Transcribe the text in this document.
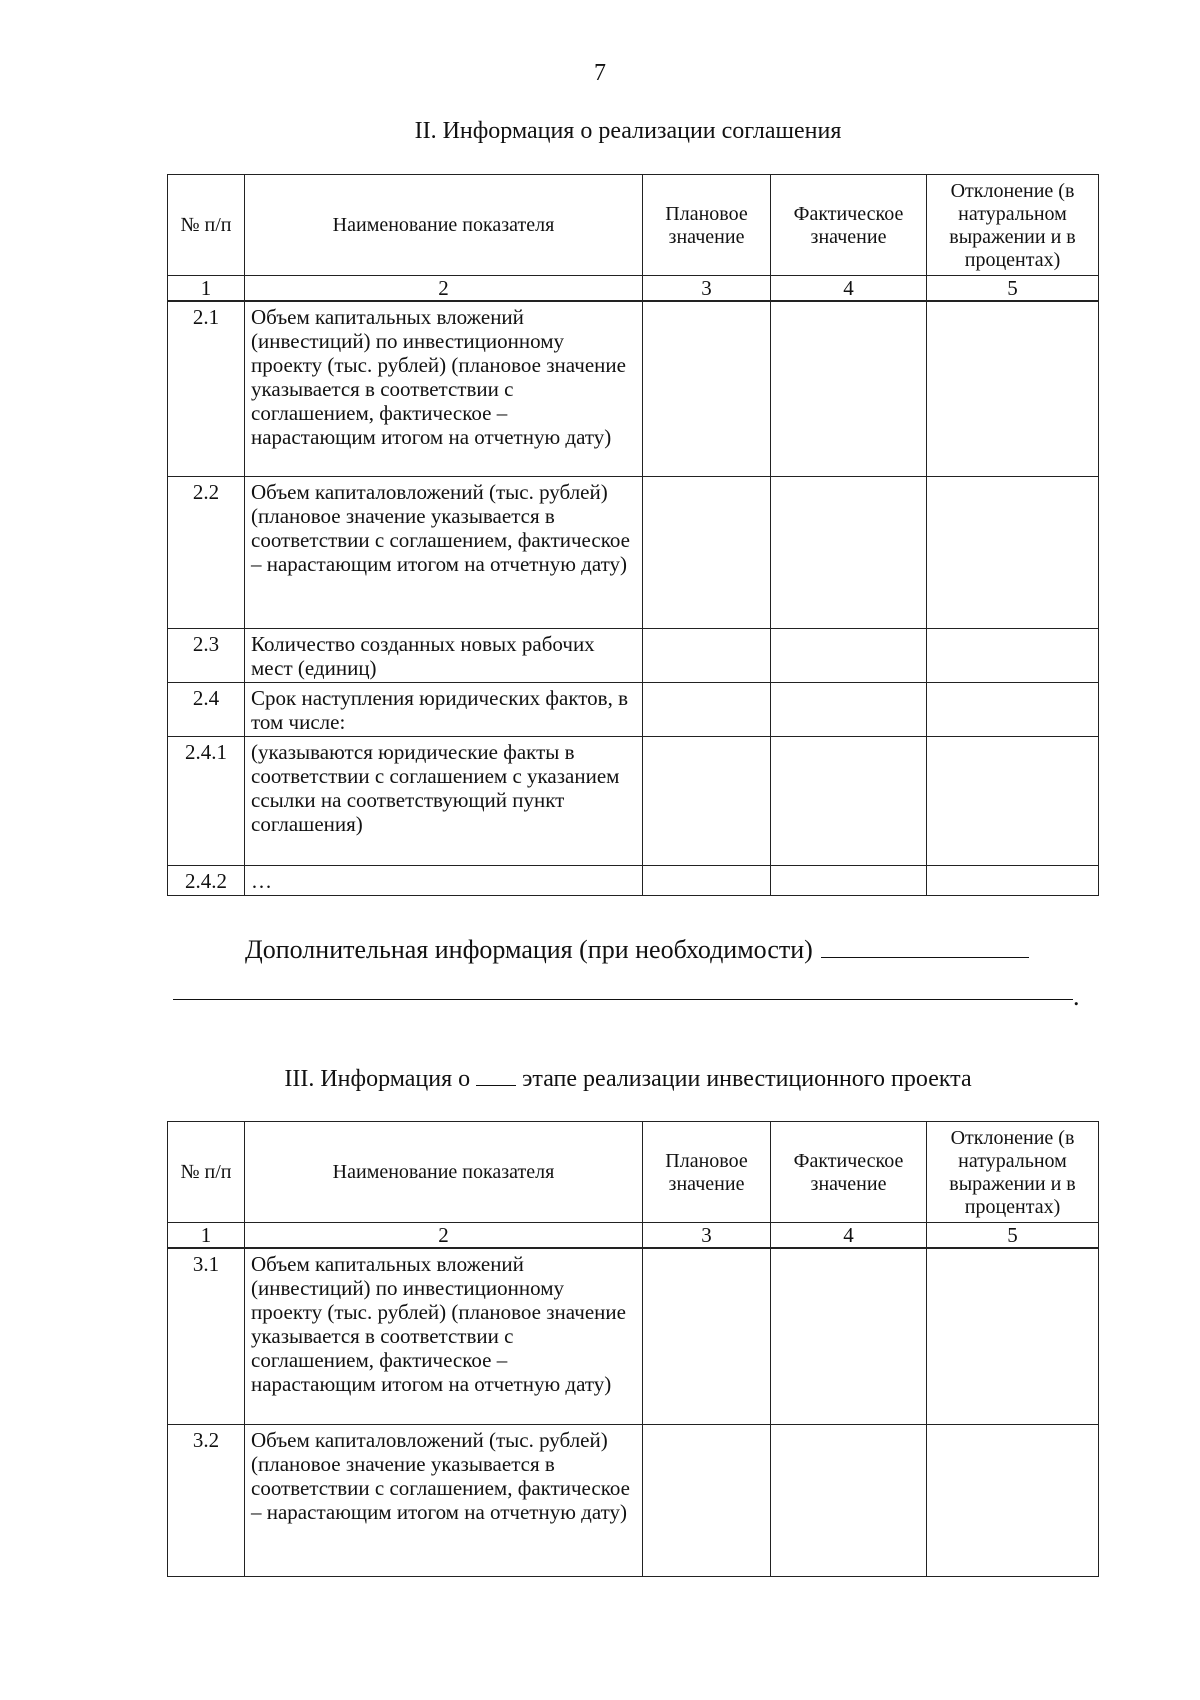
7
II. Информация о реализации соглашения
№ п/п	Наименование показателя	Плановое значение	Фактическое значение	Отклонение (в натуральном выражении и в процентах)
1	2	3	4	5
2.1	Объем капитальных вложений (инвестиций) по инвестиционному проекту (тыс. рублей) (плановое значение указывается в соответствии с соглашением, фактическое – нарастающим итогом на отчетную дату)			
2.2	Объем капиталовложений (тыс. рублей) (плановое значение указывается в соответствии с соглашением, фактическое – нарастающим итогом на отчетную дату)			
2.3	Количество созданных новых рабочих мест (единиц)			
2.4	Срок наступления юридических фактов, в том числе:			
2.4.1	(указываются юридические факты в соответствии с соглашением с указанием ссылки на соответствующий пункт соглашения)			
2.4.2	…			
Дополнительная информация (при необходимости)
.
III. Информация о этапе реализации инвестиционного проекта
№ п/п	Наименование показателя	Плановое значение	Фактическое значение	Отклонение (в натуральном выражении и в процентах)
1	2	3	4	5
3.1	Объем капитальных вложений (инвестиций) по инвестиционному проекту (тыс. рублей) (плановое значение указывается в соответствии с соглашением, фактическое – нарастающим итогом на отчетную дату)			
3.2	Объем капиталовложений (тыс. рублей) (плановое значение указывается в соответствии с соглашением, фактическое – нарастающим итогом на отчетную дату)			
